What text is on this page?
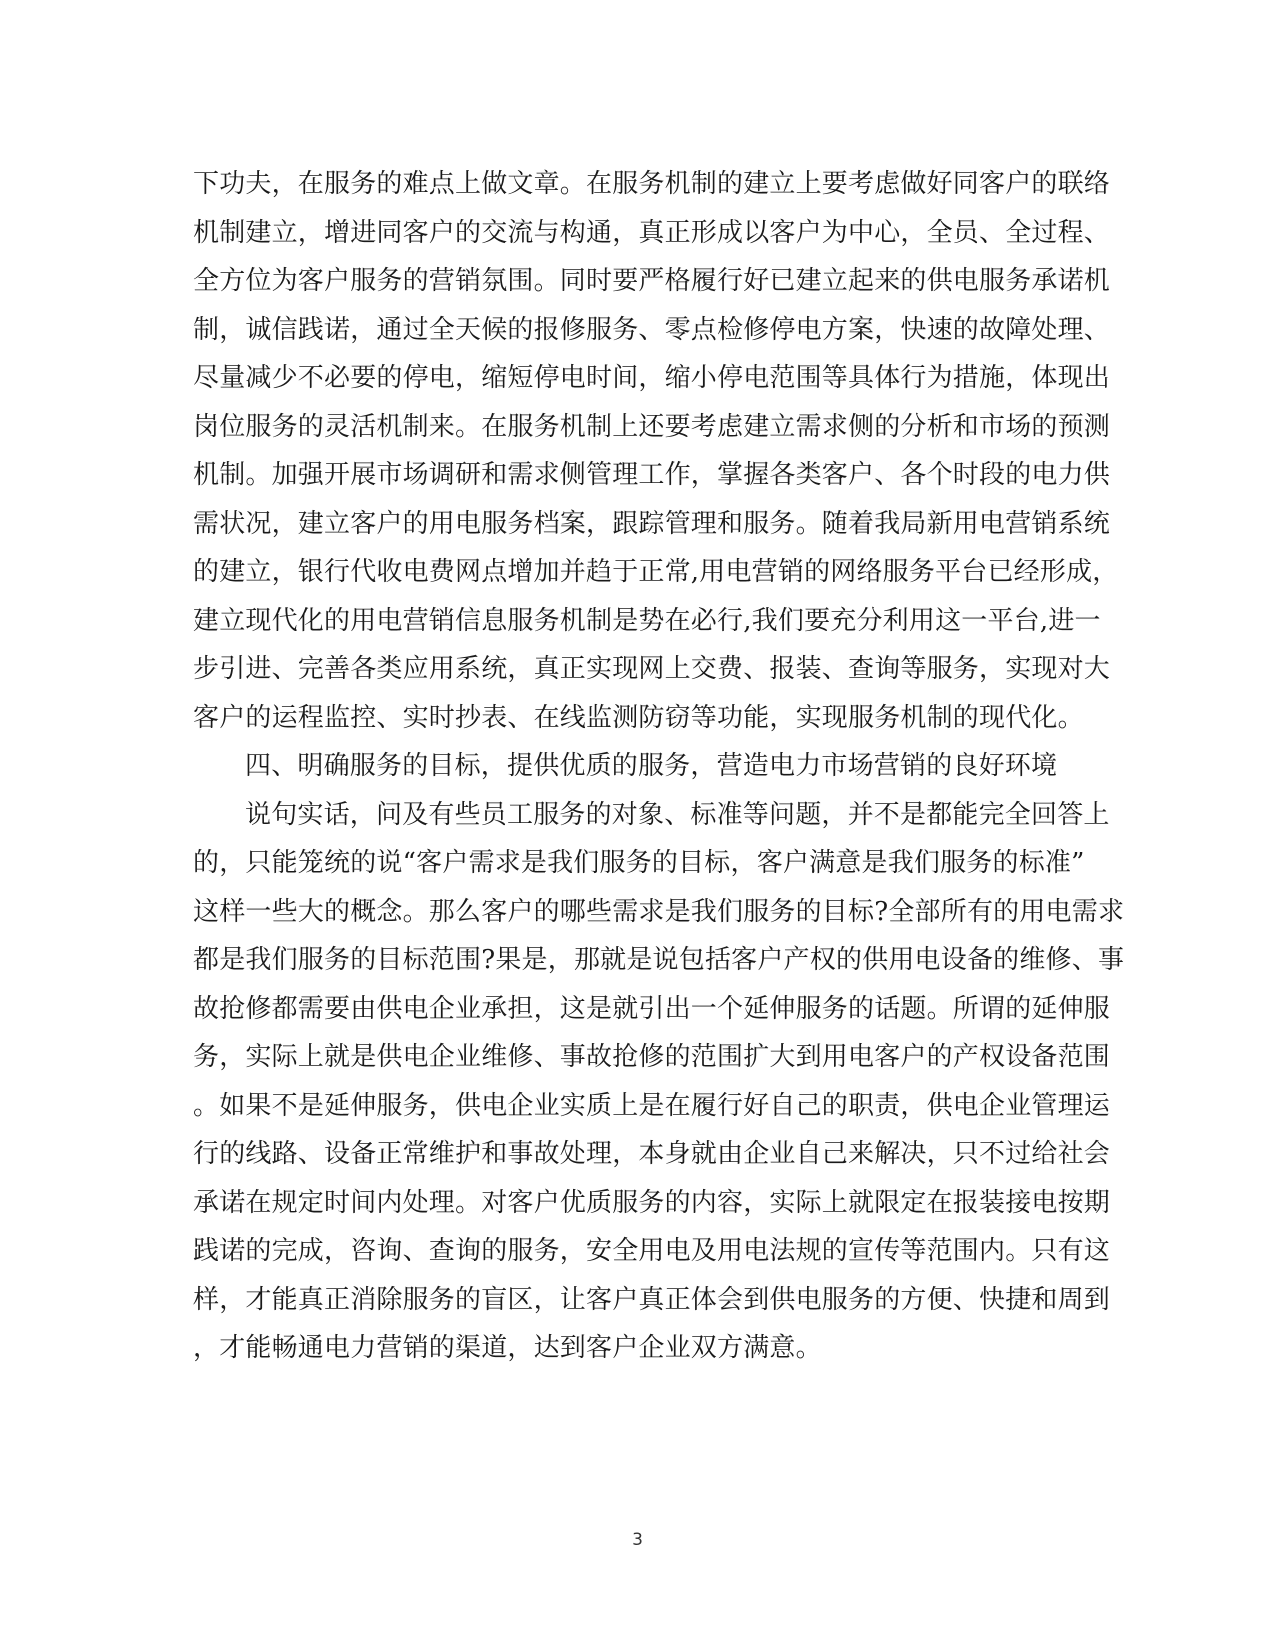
下功夫，在服务的难点上做文章。在服务机制的建立上要考虑做好同客户的联络
机制建立，增进同客户的交流与构通，真正形成以客户为中心，全员、全过程、
全方位为客户服务的营销氛围。同时要严格履行好已建立起来的供电服务承诺机
制，诚信践诺，通过全天候的报修服务、零点检修停电方案，快速的故障处理、
尽量减少不必要的停电，缩短停电时间，缩小停电范围等具体行为措施，体现出
岗位服务的灵活机制来。在服务机制上还要考虑建立需求侧的分析和市场的预测
机制。加强开展市场调研和需求侧管理工作，掌握各类客户、各个时段的电力供
需状况，建立客户的用电服务档案，跟踪管理和服务。随着我局新用电营销系统
的建立，银行代收电费网点增加并趋于正常,用电营销的网络服务平台已经形成，
建立现代化的用电营销信息服务机制是势在必行,我们要充分利用这一平台,进一
步引进、完善各类应用系统，真正实现网上交费、报装、查询等服务，实现对大
客户的运程监控、实时抄表、在线监测防窃等功能，实现服务机制的现代化。
四、明确服务的目标，提供优质的服务，营造电力市场营销的良好环境
说句实话，问及有些员工服务的对象、标准等问题，并不是都能完全回答上
的，只能笼统的说“客户需求是我们服务的目标，客户满意是我们服务的标准”
这样一些大的概念。那么客户的哪些需求是我们服务的目标?全部所有的用电需求
都是我们服务的目标范围?果是，那就是说包括客户产权的供用电设备的维修、事
故抢修都需要由供电企业承担，这是就引出一个延伸服务的话题。所谓的延伸服
务，实际上就是供电企业维修、事故抢修的范围扩大到用电客户的产权设备范围
。如果不是延伸服务，供电企业实质上是在履行好自己的职责，供电企业管理运
行的线路、设备正常维护和事故处理，本身就由企业自己来解决，只不过给社会
承诺在规定时间内处理。对客户优质服务的内容，实际上就限定在报装接电按期
践诺的完成，咨询、查询的服务，安全用电及用电法规的宣传等范围内。只有这
样，才能真正消除服务的盲区，让客户真正体会到供电服务的方便、快捷和周到
，才能畅通电力营销的渠道，达到客户企业双方满意。
3
